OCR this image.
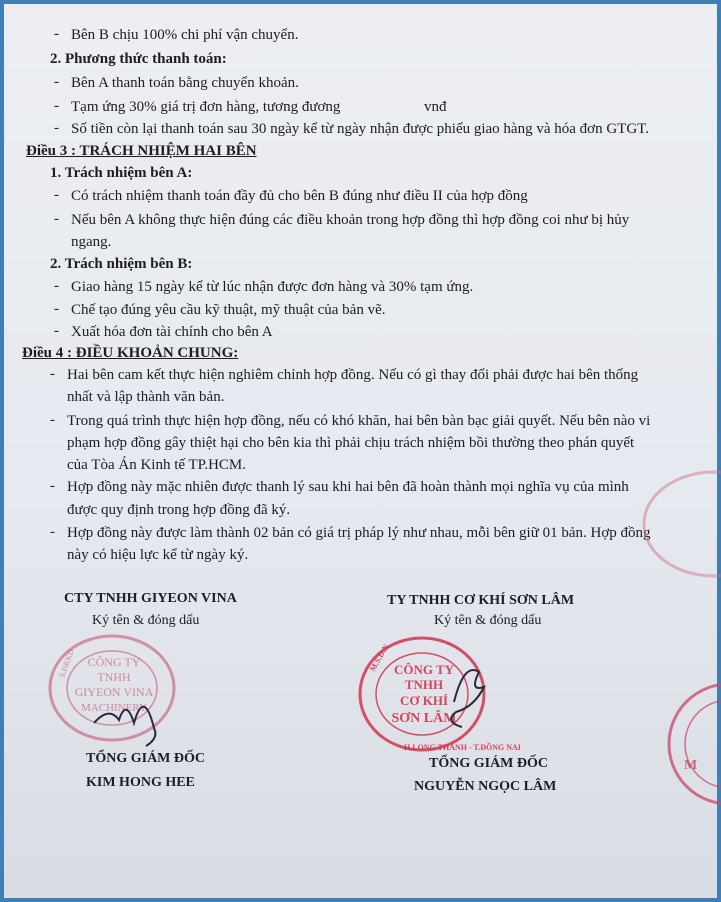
- Bên B chịu 100% chi phí vận chuyển.
2. Phương thức thanh toán:
- Bên A thanh toán bằng chuyển khoản.
- Tạm ứng 30% giá trị đơn hàng, tương đương	vnđ
- Số tiền còn lại thanh toán sau 30 ngày kể từ ngày nhận được phiếu giao hàng và hóa đơn GTGT.
Điều 3 : TRÁCH NHIỆM HAI BÊN
1. Trách nhiệm bên A:
- Có trách nhiệm thanh toán đầy đủ cho bên B đúng như điều II của hợp đồng
- Nếu bên A không thực hiện đúng các điều khoản trong hợp đồng thì hợp đồng coi như bị hủy
ngang.
2. Trách nhiệm bên B:
- Giao hàng 15 ngày kể từ lúc nhận được đơn hàng và 30% tạm ứng.
- Chế tạo đúng yêu cầu kỹ thuật, mỹ thuật của bản vẽ.
- Xuất hóa đơn tài chính cho bên A
Điều 4 : ĐIỀU KHOẢN CHUNG:
- Hai bên cam kết thực hiện nghiêm chỉnh hợp đồng. Nếu có gì thay đổi phải được hai bên thống
nhất và lập thành văn bản.
- Trong quá trình thực hiện hợp đồng, nếu có khó khăn, hai bên bàn bạc giải quyết. Nếu bên nào vi
phạm hợp đồng gây thiệt hại cho bên kia thì phải chịu trách nhiệm bồi thường theo phán quyết
của Tòa Án Kinh tế TP.HCM.
- Hợp đồng này mặc nhiên được thanh lý sau khi hai bên đã hoàn thành mọi nghĩa vụ của mình
được quy định trong hợp đồng đã ký.
- Hợp đồng này được làm thành 02 bản có giá trị pháp lý như nhau, mỗi bên giữ 01 bản. Hợp đồng
này có hiệu lực kể từ ngày ký.
CTY TNHH GIYEON VINA
Ký tên & đóng dấu
TỔNG GIÁM ĐỐC
KIM HONG HEE
TY TNHH CƠ KHÍ SƠN LÂM
Ký tên & đóng dấu
TỔNG GIÁM ĐỐC
NGUYỄN NGỌC LÂM
CÔNG TY
TNHH
GIYEON VINA
MACHINERY
S.ĐKKD	CÔNG TY
TNHH
CƠ KHÍ
SƠN LÂM
M.S.D.N
H.LONG THÀNH - T.ĐỒNG NAI
M
